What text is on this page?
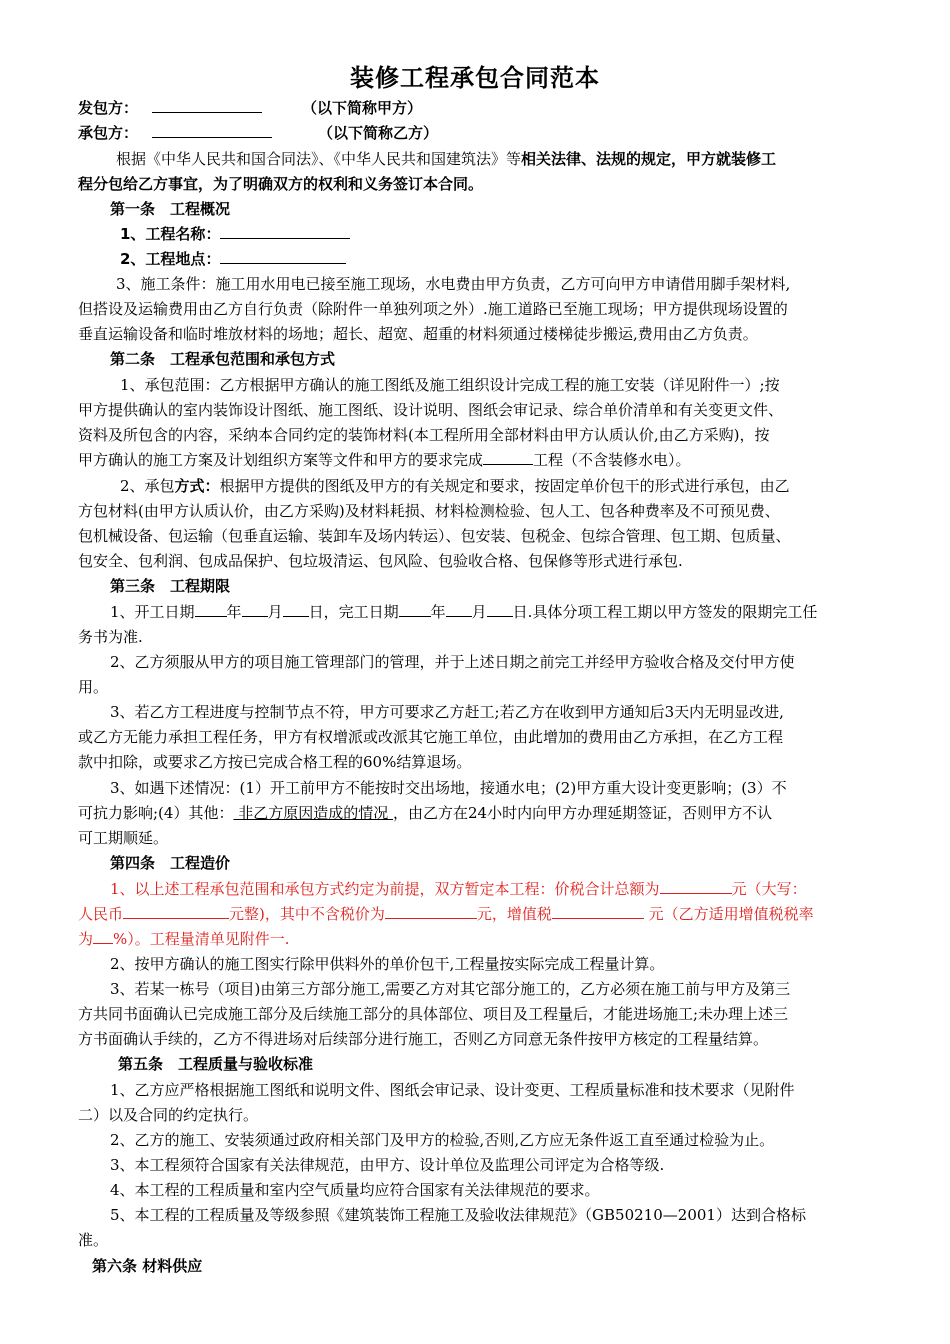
装修工程承包合同范本
发包方：	（以下简称甲方）
承包方：	（以下简称乙方）
根据《中华人民共和国合同法》、《中华人民共和国建筑法》等相关法律、法规的规定，甲方就装修工
程分包给乙方事宜，为了明确双方的权利和义务签订本合同。
第一条　工程概况
1、工程名称：
2、工程地点：
3、施工条件：施工用水用电已接至施工现场，水电费由甲方负责，乙方可向甲方申请借用脚手架材料,
但搭设及运输费用由乙方自行负责（除附件一单独列项之外）.施工道路已至施工现场；甲方提供现场设置的
垂直运输设备和临时堆放材料的场地；超长、超宽、超重的材料须通过楼梯徒步搬运,费用由乙方负责。
第二条　工程承包范围和承包方式
1、承包范围：乙方根据甲方确认的施工图纸及施工组织设计完成工程的施工安装（详见附件一）;按
甲方提供确认的室内装饰设计图纸、施工图纸、设计说明、图纸会审记录、综合单价清单和有关变更文件、
资料及所包含的内容，采纳本合同约定的装饰材料(本工程所用全部材料由甲方认质认价,由乙方采购)，按
甲方确认的施工方案及计划组织方案等文件和甲方的要求完成	工程（不含装修水电）。
2、承包方式：根据甲方提供的图纸及甲方的有关规定和要求，按固定单价包干的形式进行承包，由乙
方包材料(由甲方认质认价，由乙方采购)及材料耗损、材料检测检验、包人工、包各种费率及不可预见费、
包机械设备、包运输（包垂直运输、装卸车及场内转运）、包安装、包税金、包综合管理、包工期、包质量、
包安全、包利润、包成品保护、包垃圾清运、包风险、包验收合格、包保修等形式进行承包.
第三条　工程期限
1、开工日期 年 月 日，完工日期 年 月 日.具体分项工程工期以甲方签发的限期完工任
务书为准.
2、乙方须服从甲方的项目施工管理部门的管理，并于上述日期之前完工并经甲方验收合格及交付甲方使
用。
3、若乙方工程进度与控制节点不符，甲方可要求乙方赶工;若乙方在收到甲方通知后3天内无明显改进,
或乙方无能力承担工程任务，甲方有权增派或改派其它施工单位，由此增加的费用由乙方承担，在乙方工程
款中扣除，或要求乙方按已完成合格工程的60%结算退场。
3、如遇下述情况：(1）开工前甲方不能按时交出场地，接通水电；(2)甲方重大设计变更影响；(3）不
可抗力影响;(4）其他： 非乙方原因造成的情况 ，由乙方在24小时内向甲方办理延期签证，否则甲方不认
可工期顺延。
第四条　工程造价
1、以上述工程承包范围和承包方式约定为前提，双方暂定本工程：价税合计总额为	元（大写：
人民币	元整)，其中不含税价为	元，增值税	元（乙方适用增值税税率
为 %）。工程量清单见附件一.
2、按甲方确认的施工图实行除甲供料外的单价包干,工程量按实际完成工程量计算。
3、若某一栋号（项目)由第三方部分施工,需要乙方对其它部分施工的，乙方必须在施工前与甲方及第三
方共同书面确认已完成施工部分及后续施工部分的具体部位、项目及工程量后，才能进场施工;未办理上述三
方书面确认手续的，乙方不得进场对后续部分进行施工，否则乙方同意无条件按甲方核定的工程量结算。
第五条　工程质量与验收标准
1、乙方应严格根据施工图纸和说明文件、图纸会审记录、设计变更、工程质量标准和技术要求（见附件
二）以及合同的约定执行。
2、乙方的施工、安装须通过政府相关部门及甲方的检验,否则,乙方应无条件返工直至通过检验为止。
3、本工程须符合国家有关法律规范，由甲方、设计单位及监理公司评定为合格等级.
4、本工程的工程质量和室内空气质量均应符合国家有关法律规范的要求。
5、本工程的工程质量及等级参照《建筑装饰工程施工及验收法律规范》（GB50210—2001）达到合格标
准。
第六条 材料供应
